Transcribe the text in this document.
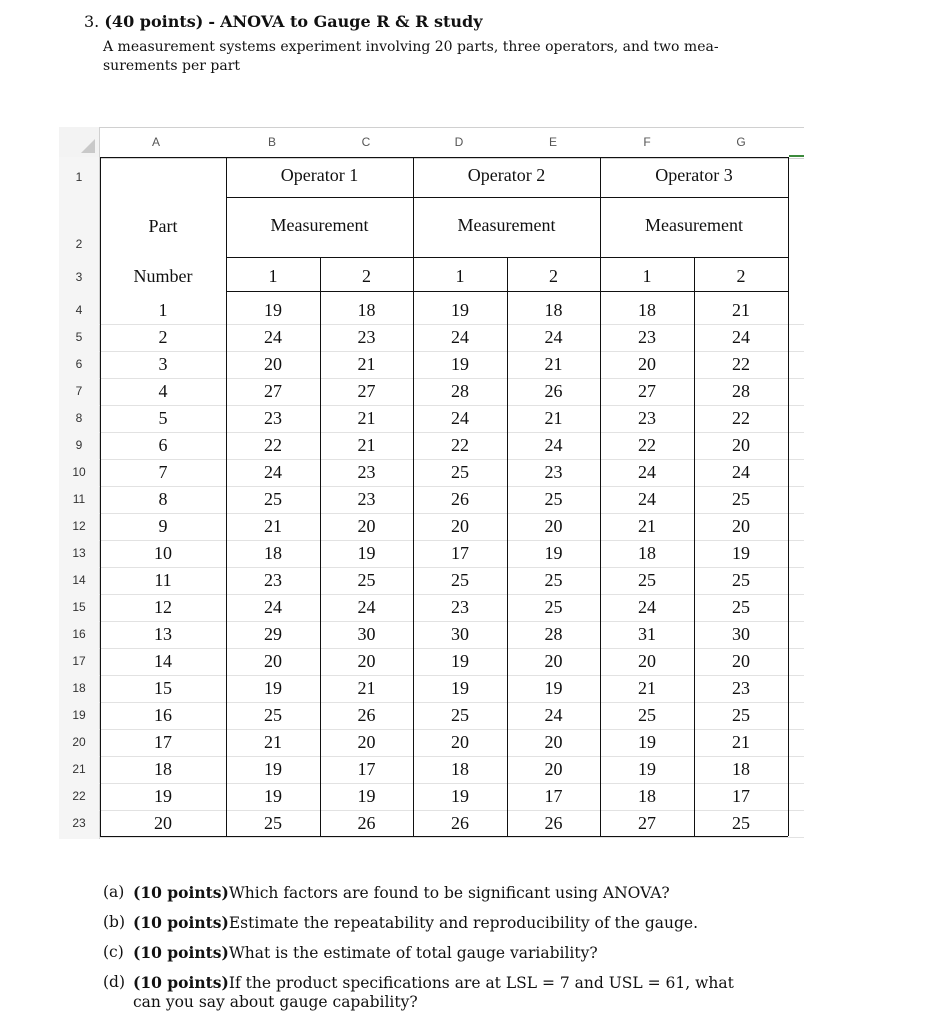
3. (40 points) - ANOVA to Gauge R & R study
A measurement systems experiment involving 20 parts, three operators, and two mea-
surements per part
A	B	C	D	E	F	G
1
2
3
4
5
6
7
8
9
10
11
12
13
14
15
16
17
18
19
20
21
22
23
Operator 1	Operator 2	Operator 3
Measurement	Measurement	Measurement
Part
Number	1	2	1	2	1	2
1	19	18	19	18	18	21
2	24	23	24	24	23	24
3	20	21	19	21	20	22
4	27	27	28	26	27	28
5	23	21	24	21	23	22
6	22	21	22	24	22	20
7	24	23	25	23	24	24
8	25	23	26	25	24	25
9	21	20	20	20	21	20
10	18	19	17	19	18	19
11	23	25	25	25	25	25
12	24	24	23	25	24	25
13	29	30	30	28	31	30
14	20	20	19	20	20	20
15	19	21	19	19	21	23
16	25	26	25	24	25	25
17	21	20	20	20	19	21
18	19	17	18	20	19	18
19	19	19	19	17	18	17
20	25	26	26	26	27	25
(a) (10 points)Which factors are found to be significant using ANOVA?
(b) (10 points)Estimate the repeatability and reproducibility of the gauge.
(c) (10 points)What is the estimate of total gauge variability?
(d) (10 points)If the product specifications are at LSL = 7 and USL = 61, what
can you say about gauge capability?
